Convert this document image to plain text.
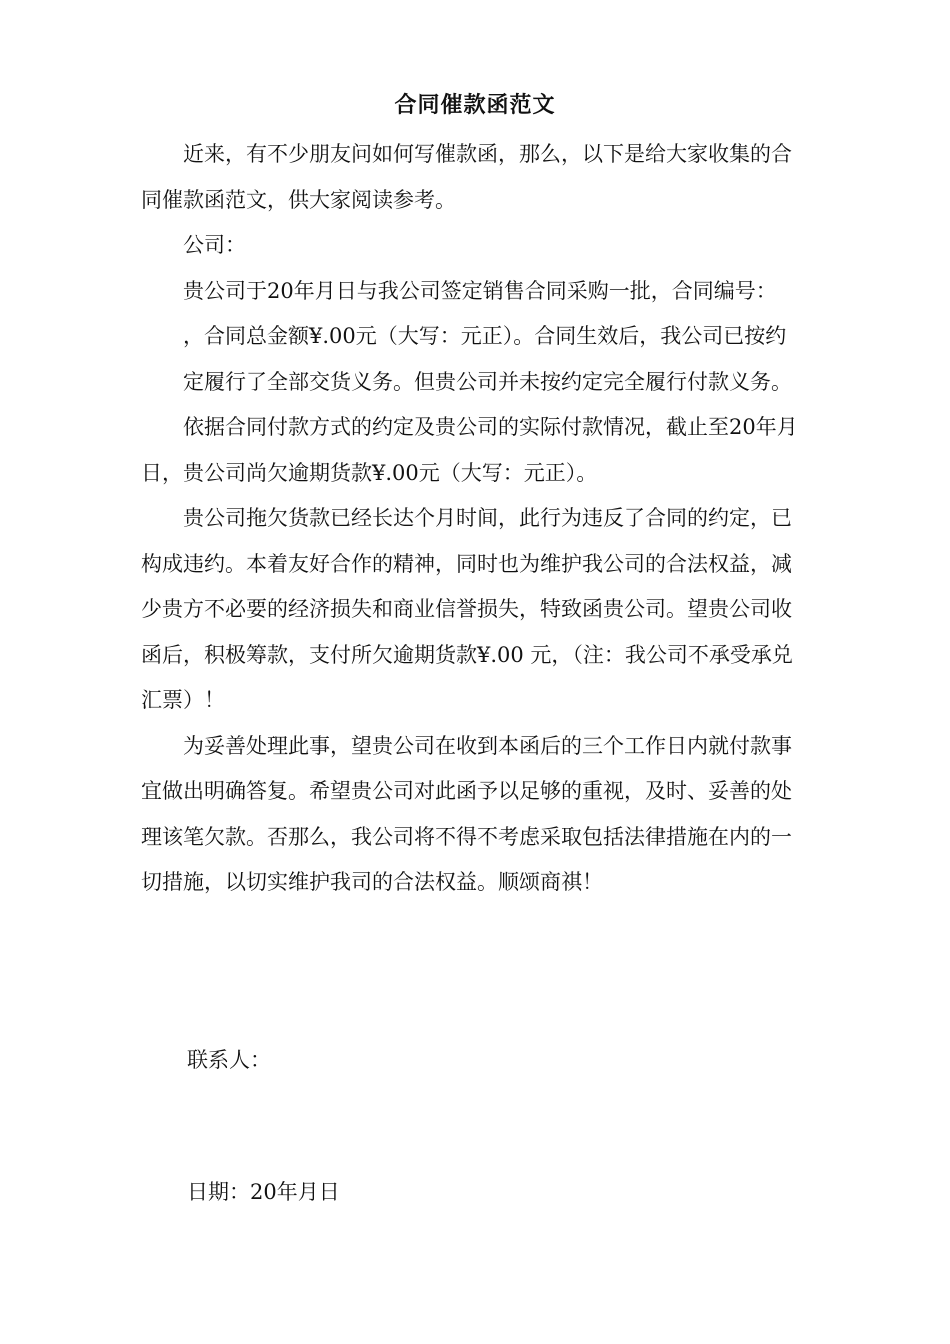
合同催款函范文

近来，有不少朋友问如何写催款函，那么，以下是给大家收集的合同催款函范文，供大家阅读参考。

公司：

贵公司于20年月日与我公司签定销售合同采购一批，合同编号：

，合同总金额¥.00元（大写：元正）。合同生效后，我公司已按约

定履行了全部交货义务。但贵公司并未按约定完全履行付款义务。

依据合同付款方式的约定及贵公司的实际付款情况，截止至20年月日，贵公司尚欠逾期货款¥.00元（大写：元正）。

贵公司拖欠货款已经长达个月时间，此行为违反了合同的约定，已构成违约。本着友好合作的精神，同时也为维护我公司的合法权益，减少贵方不必要的经济损失和商业信誉损失，特致函贵公司。望贵公司收函后，积极筹款，支付所欠逾期货款¥.00 元，（注：我公司不承受承兑汇票）！

为妥善处理此事，望贵公司在收到本函后的三个工作日内就付款事宜做出明确答复。希望贵公司对此函予以足够的重视，及时、妥善的处理该笔欠款。否那么，我公司将不得不考虑采取包括法律措施在内的一切措施，以切实维护我司的合法权益。顺颂商祺！

联系人：
日期：20年月日
